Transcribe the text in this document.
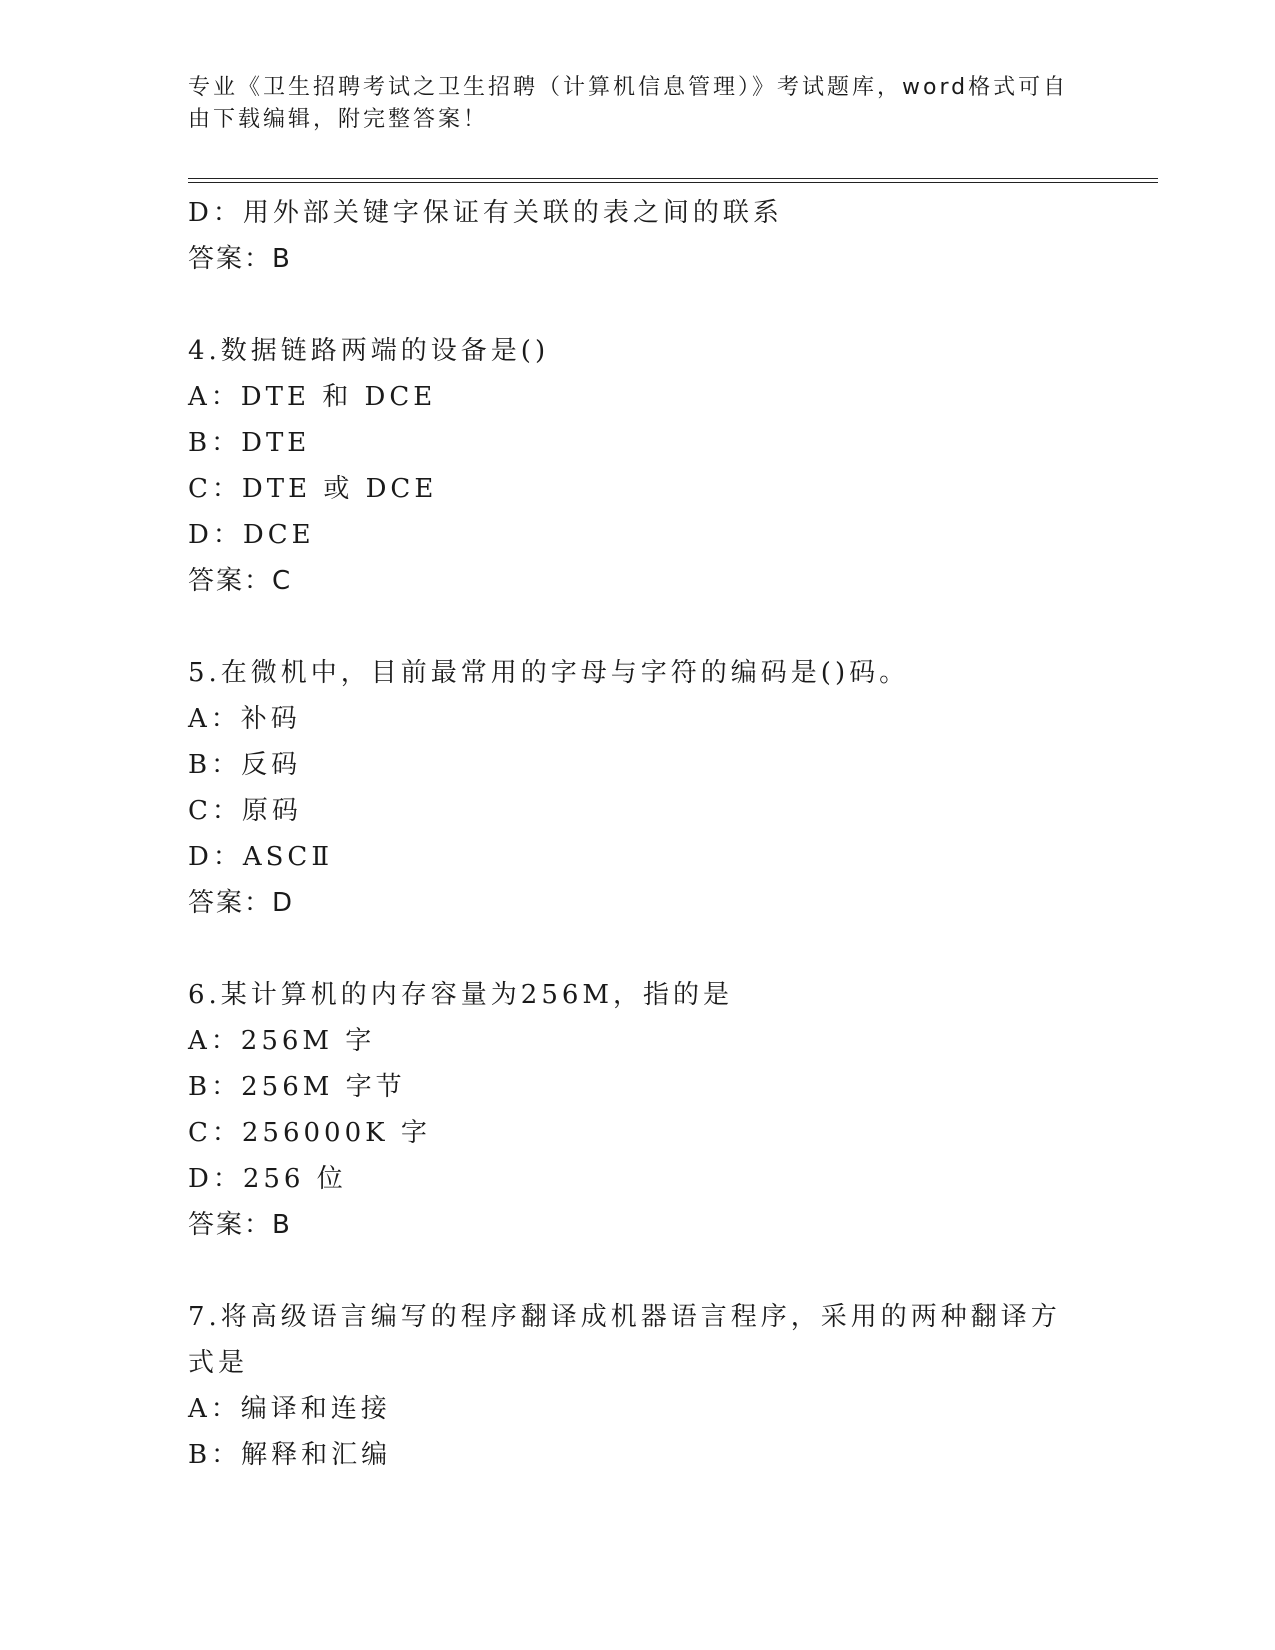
专业《卫生招聘考试之卫生招聘（计算机信息管理）》考试题库，word格式可自由下载编辑，附完整答案！
D：用外部关键字保证有关联的表之间的联系
答案：B
4.数据链路两端的设备是()
A：DTE 和 DCE
B：DTE
C：DTE 或 DCE
D：DCE
答案：C
5.在微机中，目前最常用的字母与字符的编码是()码。
A：补码
B：反码
C：原码
D：ASCⅡ
答案：D
6.某计算机的内存容量为256M，指的是
A：256M 字
B：256M 字节
C：256000K 字
D：256 位
答案：B
7.将高级语言编写的程序翻译成机器语言程序，采用的两种翻译方式是
A：编译和连接
B：解释和汇编
